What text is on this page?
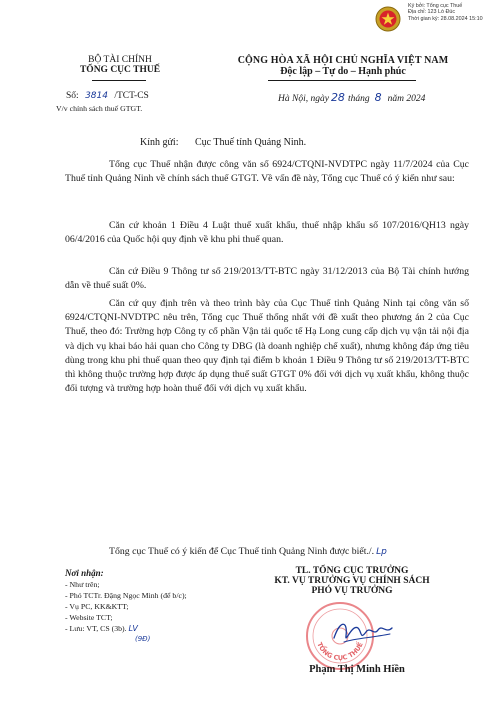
Ký bởi: Tổng cục Thuế
Địa chỉ: 123 Lò Đúc
Thời gian ký: 28.08.2024 15:10
BỘ TÀI CHÍNH
TỔNG CỤC THUẾ
CỘNG HÒA XÃ HỘI CHỦ NGHĨA VIỆT NAM
Độc lập – Tự do – Hạnh phúc
Số: 3814 /TCT-CS
V/v chính sách thuế GTGT.
Hà Nội, ngày 28 tháng 8 năm 2024
Kính gửi: Cục Thuế tỉnh Quảng Ninh.

Tổng cục Thuế nhận được công văn số 6924/CTQNI-NVDTPC ngày 11/7/2024 của Cục Thuế tỉnh Quảng Ninh về chính sách thuế GTGT. Về vấn đề này, Tổng cục Thuế có ý kiến như sau:

Căn cứ khoản 1 Điều 4 Luật thuế xuất khẩu, thuế nhập khẩu số 107/2016/QH13 ngày 06/4/2016 của Quốc hội quy định về khu phi thuế quan.

Căn cứ Điều 9 Thông tư số 219/2013/TT-BTC ngày 31/12/2013 của Bộ Tài chính hướng dẫn về thuế suất 0%.

Căn cứ quy định trên và theo trình bày của Cục Thuế tỉnh Quảng Ninh tại công văn số 6924/CTQNI-NVDTPC nêu trên, Tổng cục Thuế thống nhất với đề xuất theo phương án 2 của Cục Thuế, theo đó: Trường hợp Công ty cổ phần Vận tải quốc tế Hạ Long cung cấp dịch vụ vận tải nội địa và dịch vụ khai báo hải quan cho Công ty DBG (là doanh nghiệp chế xuất), nhưng không đáp ứng tiêu dùng trong khu phi thuế quan theo quy định tại điểm b khoản 1 Điều 9 Thông tư số 219/2013/TT-BTC thì không thuộc trường hợp được áp dụng thuế suất GTGT 0% đối với dịch vụ xuất khẩu, không thuộc đối tượng và trường hợp hoàn thuế đối với dịch vụ xuất khẩu.

Tổng cục Thuế có ý kiến để Cục Thuế tỉnh Quảng Ninh được biết./. Lp

Nơi nhận:
- Như trên;
- Phó TCTr. Đặng Ngọc Minh (để b/c);
- Vụ PC, KK&KTT;
- Website TCT;
- Lưu: VT, CS (3b). LV
(9Đ)
TL. TỔNG CỤC TRƯỞNG
KT. VỤ TRƯỞNG VỤ CHÍNH SÁCH
PHÓ VỤ TRƯỞNG
TỔNG CỤC THUẾ
Phạm Thị Minh Hiền
